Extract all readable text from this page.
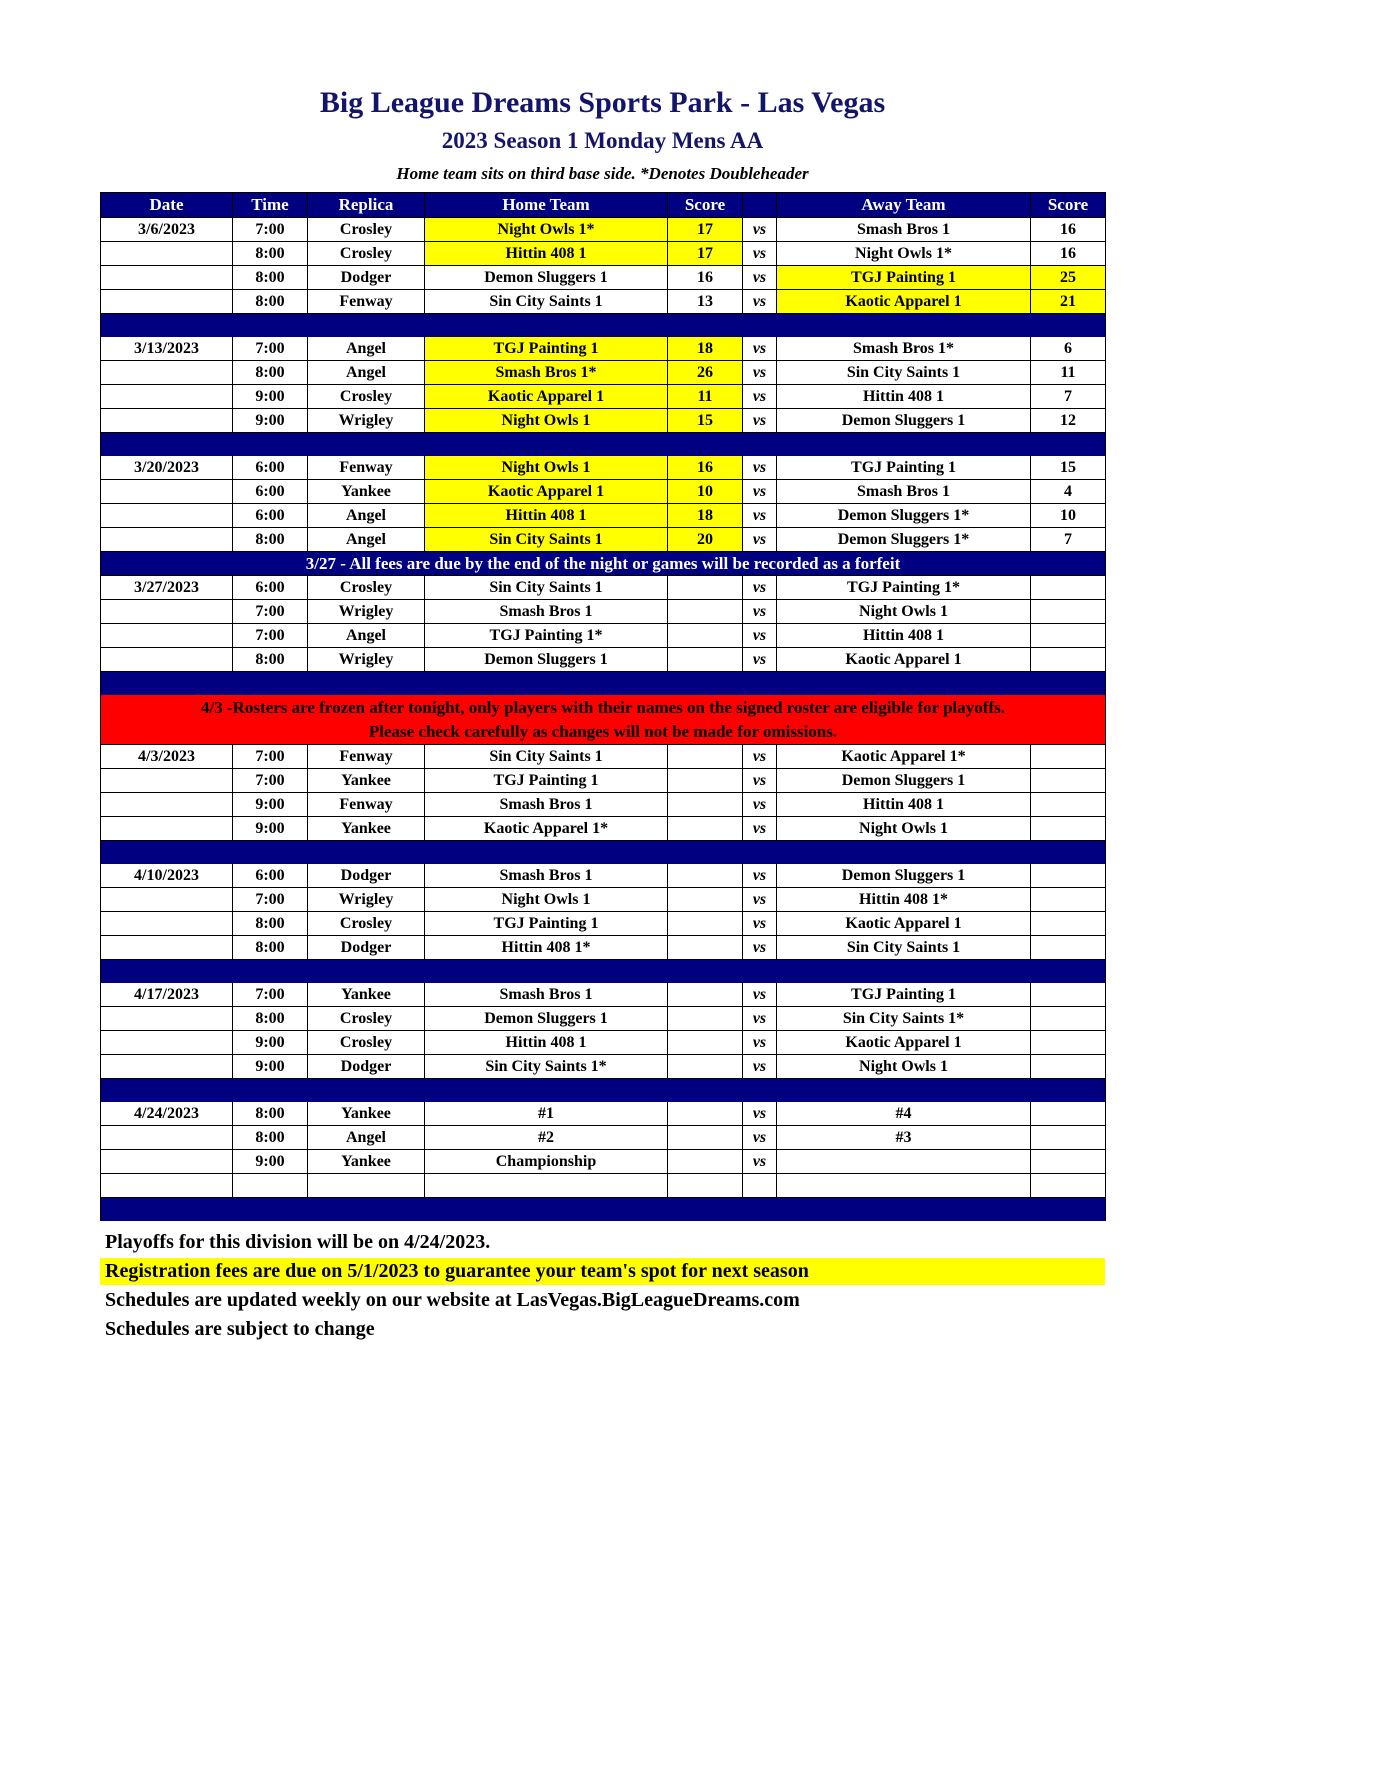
Big League Dreams Sports Park - Las Vegas
2023 Season 1 Monday Mens AA
Home team sits on third base side. *Denotes Doubleheader
Date	Time	Replica	Home Team	Score		Away Team	Score
3/6/2023	7:00	Crosley	Night Owls 1*	17	vs	Smash Bros 1	16
	8:00	Crosley	Hittin 408 1	17	vs	Night Owls 1*	16
	8:00	Dodger	Demon Sluggers 1	16	vs	TGJ Painting 1	25
	8:00	Fenway	Sin City Saints 1	13	vs	Kaotic Apparel 1	21

3/13/2023	7:00	Angel	TGJ Painting 1	18	vs	Smash Bros 1*	6
	8:00	Angel	Smash Bros 1*	26	vs	Sin City Saints 1	11
	9:00	Crosley	Kaotic Apparel 1	11	vs	Hittin 408 1	7
	9:00	Wrigley	Night Owls 1	15	vs	Demon Sluggers 1	12

3/20/2023	6:00	Fenway	Night Owls 1	16	vs	TGJ Painting 1	15
	6:00	Yankee	Kaotic Apparel 1	10	vs	Smash Bros 1	4
	6:00	Angel	Hittin 408 1	18	vs	Demon Sluggers 1*	10
	8:00	Angel	Sin City Saints 1	20	vs	Demon Sluggers 1*	7
3/27 - All fees are due by the end of the night or games will be recorded as a forfeit							
3/27/2023	6:00	Crosley	Sin City Saints 1		vs	TGJ Painting 1*	
	7:00	Wrigley	Smash Bros 1		vs	Night Owls 1	
	7:00	Angel	TGJ Painting 1*		vs	Hittin 408 1	
	8:00	Wrigley	Demon Sluggers 1		vs	Kaotic Apparel 1	

4/3 -Rosters are frozen after tonight, only players with their names on the signed roster are eligible for playoffs.
Please check carefully as changes will not be made for omissions.							

4/3/2023	7:00	Fenway	Sin City Saints 1		vs	Kaotic Apparel 1*	
	7:00	Yankee	TGJ Painting 1		vs	Demon Sluggers 1	
	9:00	Fenway	Smash Bros 1		vs	Hittin 408 1	
	9:00	Yankee	Kaotic Apparel 1*		vs	Night Owls 1	

4/10/2023	6:00	Dodger	Smash Bros 1		vs	Demon Sluggers 1	
	7:00	Wrigley	Night Owls 1		vs	Hittin 408 1*	
	8:00	Crosley	TGJ Painting 1		vs	Kaotic Apparel 1	
	8:00	Dodger	Hittin 408 1*		vs	Sin City Saints 1	

4/17/2023	7:00	Yankee	Smash Bros 1		vs	TGJ Painting 1	
	8:00	Crosley	Demon Sluggers 1		vs	Sin City Saints 1*	
	9:00	Crosley	Hittin 408 1		vs	Kaotic Apparel 1	
	9:00	Dodger	Sin City Saints 1*		vs	Night Owls 1	

4/24/2023	8:00	Yankee	#1		vs	#4	
	8:00	Angel	#2		vs	#3	
	9:00	Yankee	Championship		vs		

Playoffs for this division will be on 4/24/2023.
Registration fees are due on 5/1/2023 to guarantee your team's spot for next season
Schedules are updated weekly on our website at LasVegas.BigLeagueDreams.com
Schedules are subject to change
